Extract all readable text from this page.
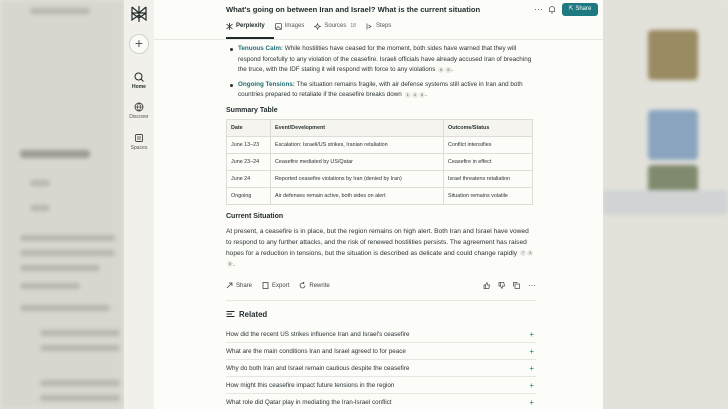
+
Home
Discover
Spaces
What's going on between Iran and Israel? What is the current situation	···	⇱ Share
Perplexity	Images	Sources 18	Steps
Tenuous Calm: While hostilities have ceased for the moment, both sides have warned that they will respond forcefully to any violation of the ceasefire. Israeli officials have already accused Iran of breaching the truce, with the IDF stating it will respond with force to any violations 8 6 .
Ongoing Tensions: The situation remains fragile, with air defense systems still active in Iran and both countries prepared to retaliate if the ceasefire breaks down 1 4 6 .
Summary Table
Date	Event/Development	Outcome/Status
June 13–23	Escalation: Israeli/US strikes, Iranian retaliation	Conflict intensifies
June 23–24	Ceasefire mediated by US/Qatar	Ceasefire in effect
June 24	Reported ceasefire violations by Iran (denied by Iran)	Israel threatens retaliation
Ongoing	Air defenses remain active, both sides on alert	Situation remains volatile
Current Situation
At present, a ceasefire is in place, but the region remains on high alert. Both Iran and Israel have vowed to respond to any further attacks, and the risk of renewed hostilities persists. The agreement has raised hopes for a reduction in tensions, but the situation is described as delicate and could change rapidly 7 46 .
Share	Export	Rewrite	···
Related
How did the recent US strikes influence Iran and Israel's ceasefire	+
What are the main conditions Iran and Israel agreed to for peace	+
Why do both Iran and Israel remain cautious despite the ceasefire	+
How might this ceasefire impact future tensions in the region	+
What role did Qatar play in mediating the Iran-Israel conflict	+
